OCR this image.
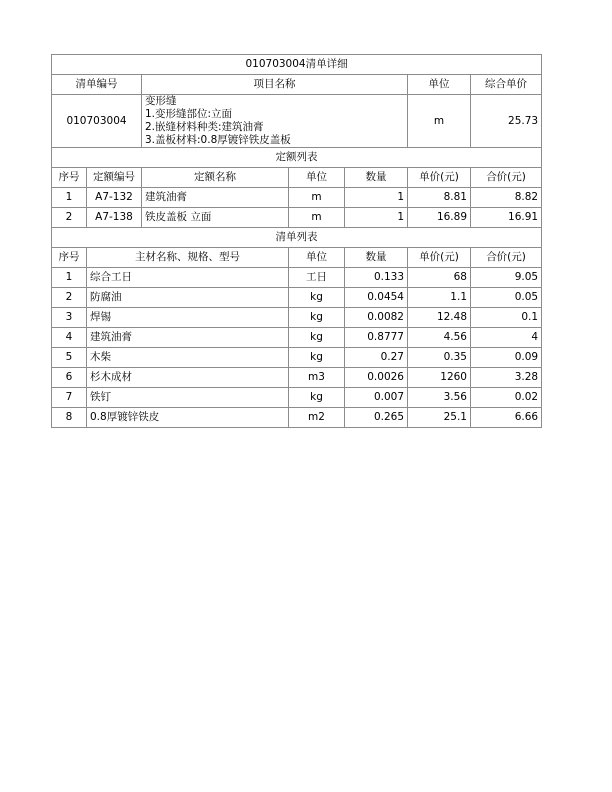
010703004清单详细						
清单编号		项目名称			单位	综合单价
010703004		变形缝
1.变形缝部位:立面
2.嵌缝材料种类:建筑油膏
3.盖板材料:0.8厚镀锌铁皮盖板			m	25.73
定额列表						
序号	定额编号	定额名称	单位	数量	单价(元)	合价(元)
1	A7-132	建筑油膏	m	1	8.81	8.82
2	A7-138	铁皮盖板 立面	m	1	16.89	16.91
清单列表						
序号	主材名称、规格、型号		单位	数量	单价(元)	合价(元)
1	综合工日		工日	0.133	68	9.05
2	防腐油		kg	0.0454	1.1	0.05
3	焊锡		kg	0.0082	12.48	0.1
4	建筑油膏		kg	0.8777	4.56	4
5	木柴		kg	0.27	0.35	0.09
6	杉木成材		m3	0.0026	1260	3.28
7	铁钉		kg	0.007	3.56	0.02
8	0.8厚镀锌铁皮		m2	0.265	25.1	6.66
